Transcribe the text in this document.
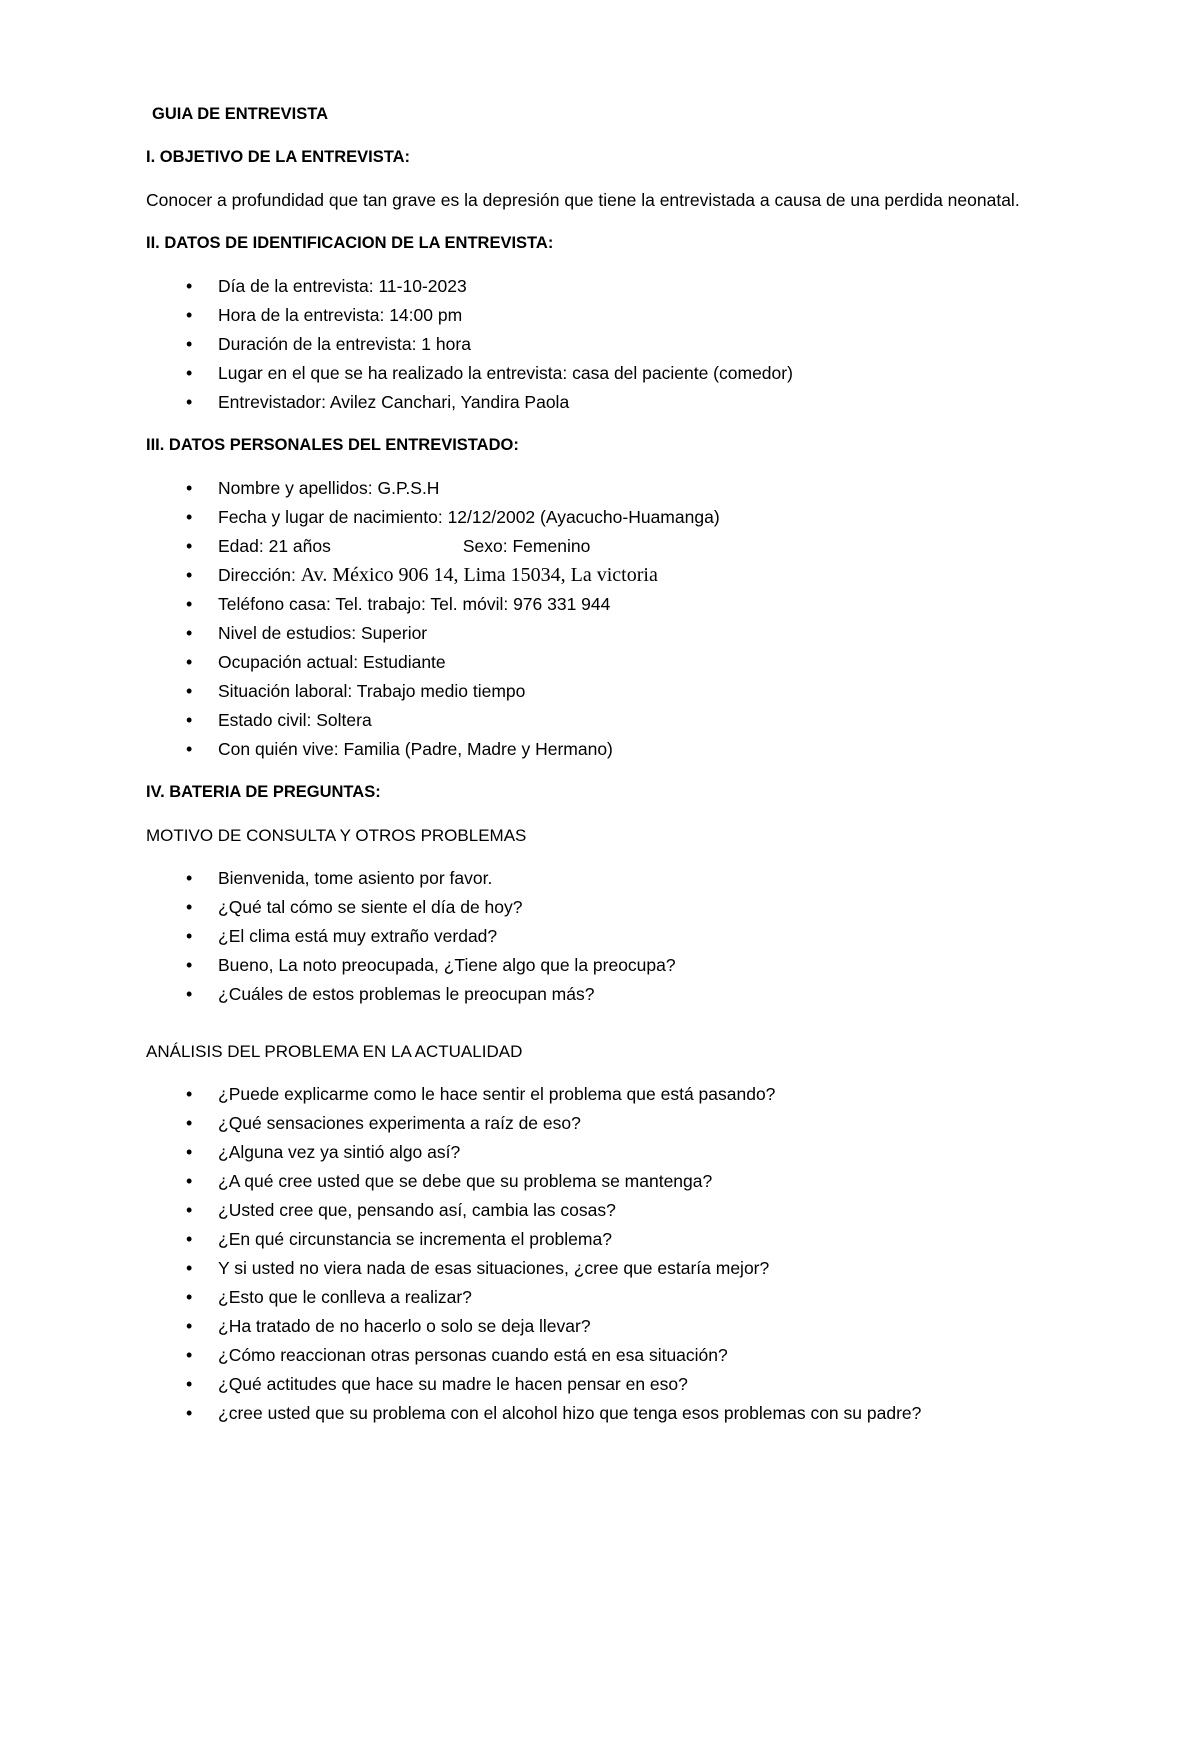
GUIA DE ENTREVISTA
I. OBJETIVO DE LA ENTREVISTA:
Conocer a profundidad que tan grave es la depresión que tiene la entrevistada a causa de una perdida neonatal.
II. DATOS DE IDENTIFICACION DE LA ENTREVISTA:
• Día de la entrevista: 11-10-2023
• Hora de la entrevista: 14:00 pm
• Duración de la entrevista: 1 hora
• Lugar en el que se ha realizado la entrevista: casa del paciente (comedor)
• Entrevistador: Avilez Canchari, Yandira Paola
III. DATOS PERSONALES DEL ENTREVISTADO:
• Nombre y apellidos: G.P.S.H
• Fecha y lugar de nacimiento: 12/12/2002 (Ayacucho-Huamanga)
• Edad: 21 años	Sexo: Femenino
• Dirección: Av. México 906 14, Lima 15034, La victoria
• Teléfono casa: Tel. trabajo: Tel. móvil: 976 331 944
• Nivel de estudios: Superior
• Ocupación actual: Estudiante
• Situación laboral: Trabajo medio tiempo
• Estado civil: Soltera
• Con quién vive: Familia (Padre, Madre y Hermano)
IV. BATERIA DE PREGUNTAS:
MOTIVO DE CONSULTA Y OTROS PROBLEMAS
• Bienvenida, tome asiento por favor.
• ¿Qué tal cómo se siente el día de hoy?
• ¿El clima está muy extraño verdad?
• Bueno, La noto preocupada, ¿Tiene algo que la preocupa?
• ¿Cuáles de estos problemas le preocupan más?
ANÁLISIS DEL PROBLEMA EN LA ACTUALIDAD
• ¿Puede explicarme como le hace sentir el problema que está pasando?
• ¿Qué sensaciones experimenta a raíz de eso?
• ¿Alguna vez ya sintió algo así?
• ¿A qué cree usted que se debe que su problema se mantenga?
• ¿Usted cree que, pensando así, cambia las cosas?
• ¿En qué circunstancia se incrementa el problema?
• Y si usted no viera nada de esas situaciones, ¿cree que estaría mejor?
• ¿Esto que le conlleva a realizar?
• ¿Ha tratado de no hacerlo o solo se deja llevar?
• ¿Cómo reaccionan otras personas cuando está en esa situación?
• ¿Qué actitudes que hace su madre le hacen pensar en eso?
• ¿cree usted que su problema con el alcohol hizo que tenga esos problemas con su padre?
